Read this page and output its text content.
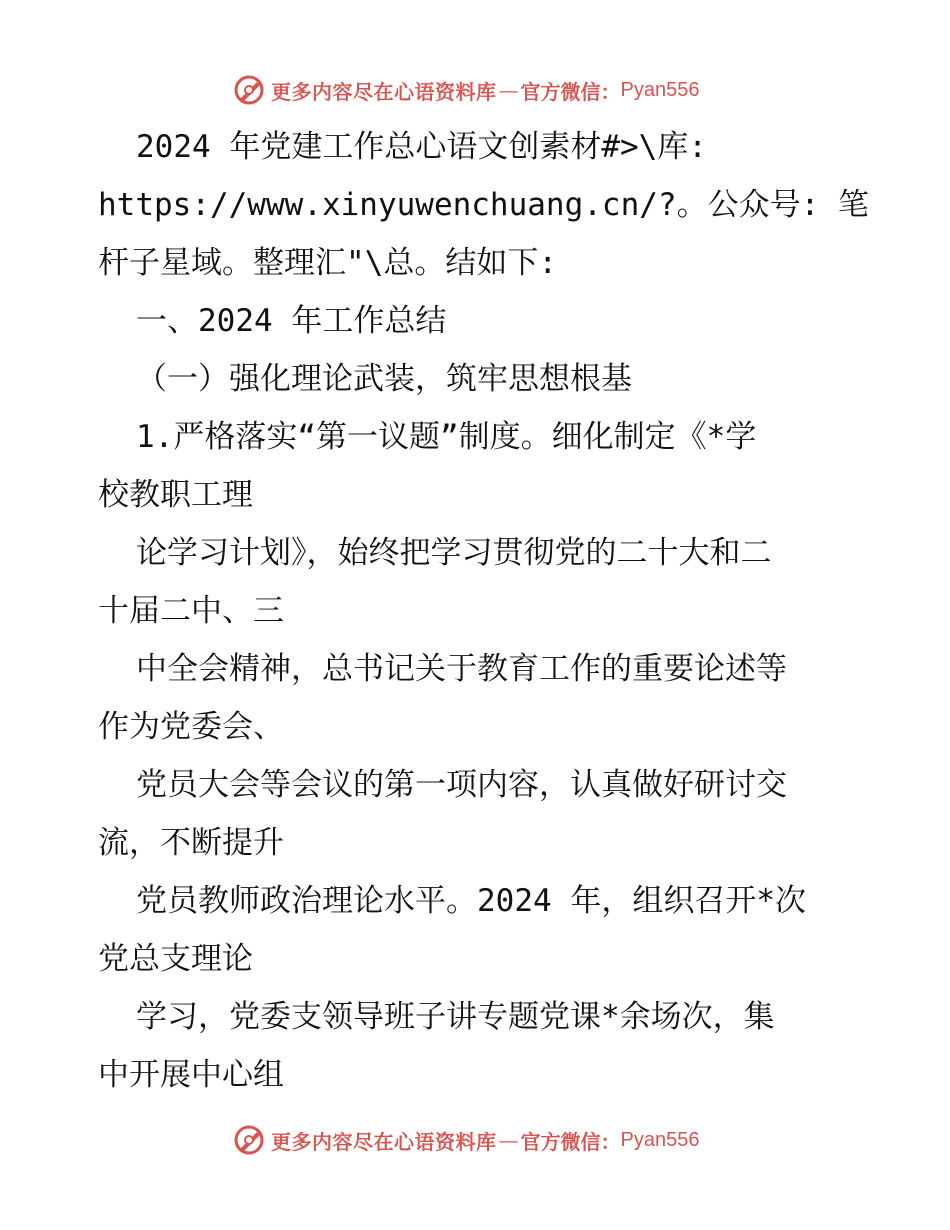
更多内容尽在心语资料库 — 官方微信： Pyan556

2024 年党建工作总心语文创素材#>\库:

https://www.xinyuwenchuang.cn/?。公众号: 笔

杆子星域。整理汇"\总。结如下:

一、2024 年工作总结

（一）强化理论武装，筑牢思想根基

1.严格落实“第一议题”制度。细化制定《*学

校教职工理

论学习计划》，始终把学习贯彻党的二十大和二

十届二中、三

中全会精神，总书记关于教育工作的重要论述等

作为党委会、

党员大会等会议的第一项内容，认真做好研讨交

流，不断提升

党员教师政治理论水平。2024 年，组织召开*次

党总支理论

学习，党委支领导班子讲专题党课*余场次，集

中开展中心组

更多内容尽在心语资料库 — 官方微信： Pyan556
